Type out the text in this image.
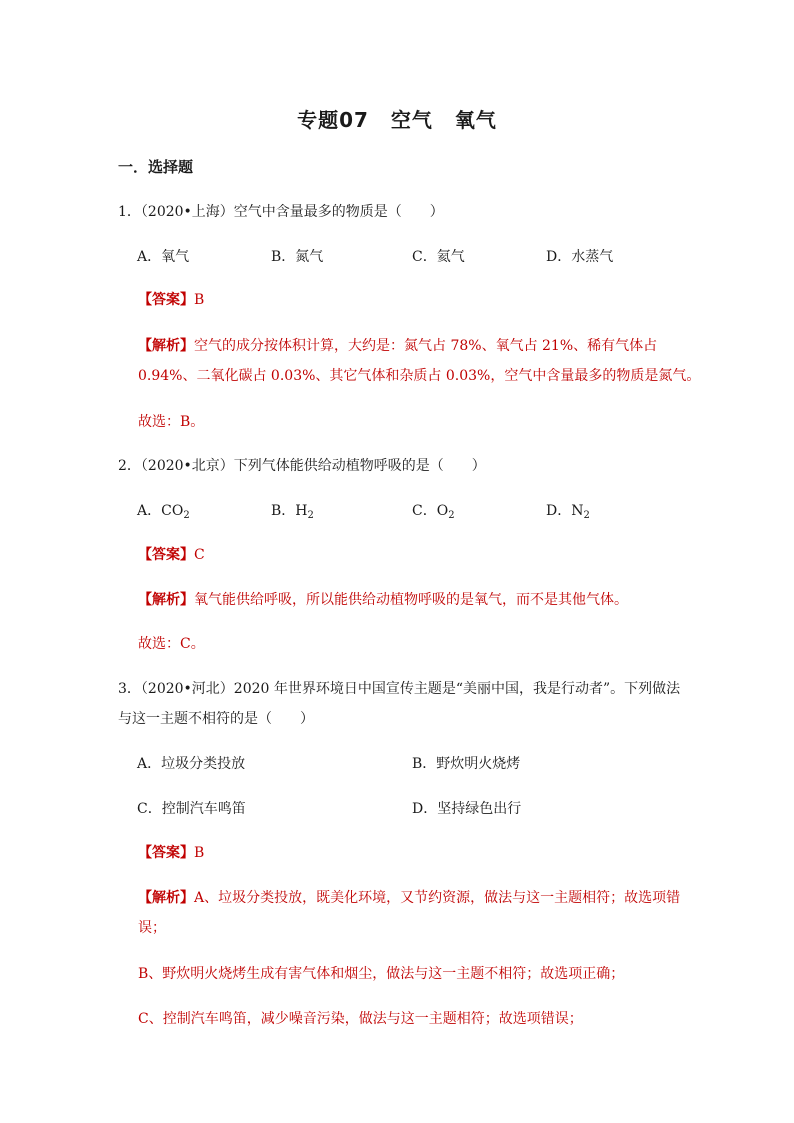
专题07 空气 氧气
一．选择题
1．（2020•上海）空气中含量最多的物质是（　　）
A．氧气	B．氮气	C．氦气	D．水蒸气
【答案】B
【解析】空气的成分按体积计算，大约是：氮气占 78%、氧气占 21%、稀有气体占
0.94%、二氧化碳占 0.03%、其它气体和杂质占 0.03%，空气中含量最多的物质是氮气。
故选：B。
2．（2020•北京）下列气体能供给动植物呼吸的是（　　）
A．$CO_2$	B．$H_2$	C．$O_2$	D．$N_2$
【答案】C
【解析】氧气能供给呼吸，所以能供给动植物呼吸的是氧气，而不是其他气体。
故选：C。
3．（2020•河北）2020 年世界环境日中国宣传主题是“美丽中国，我是行动者”。下列做法
与这一主题不相符的是（　　）
A．垃圾分类投放	B．野炊明火烧烤
C．控制汽车鸣笛	D．坚持绿色出行
【答案】B
【解析】A、垃圾分类投放，既美化环境，又节约资源，做法与这一主题相符；故选项错
误；
B、野炊明火烧烤生成有害气体和烟尘，做法与这一主题不相符；故选项正确；
C、控制汽车鸣笛，减少噪音污染，做法与这一主题相符；故选项错误；
